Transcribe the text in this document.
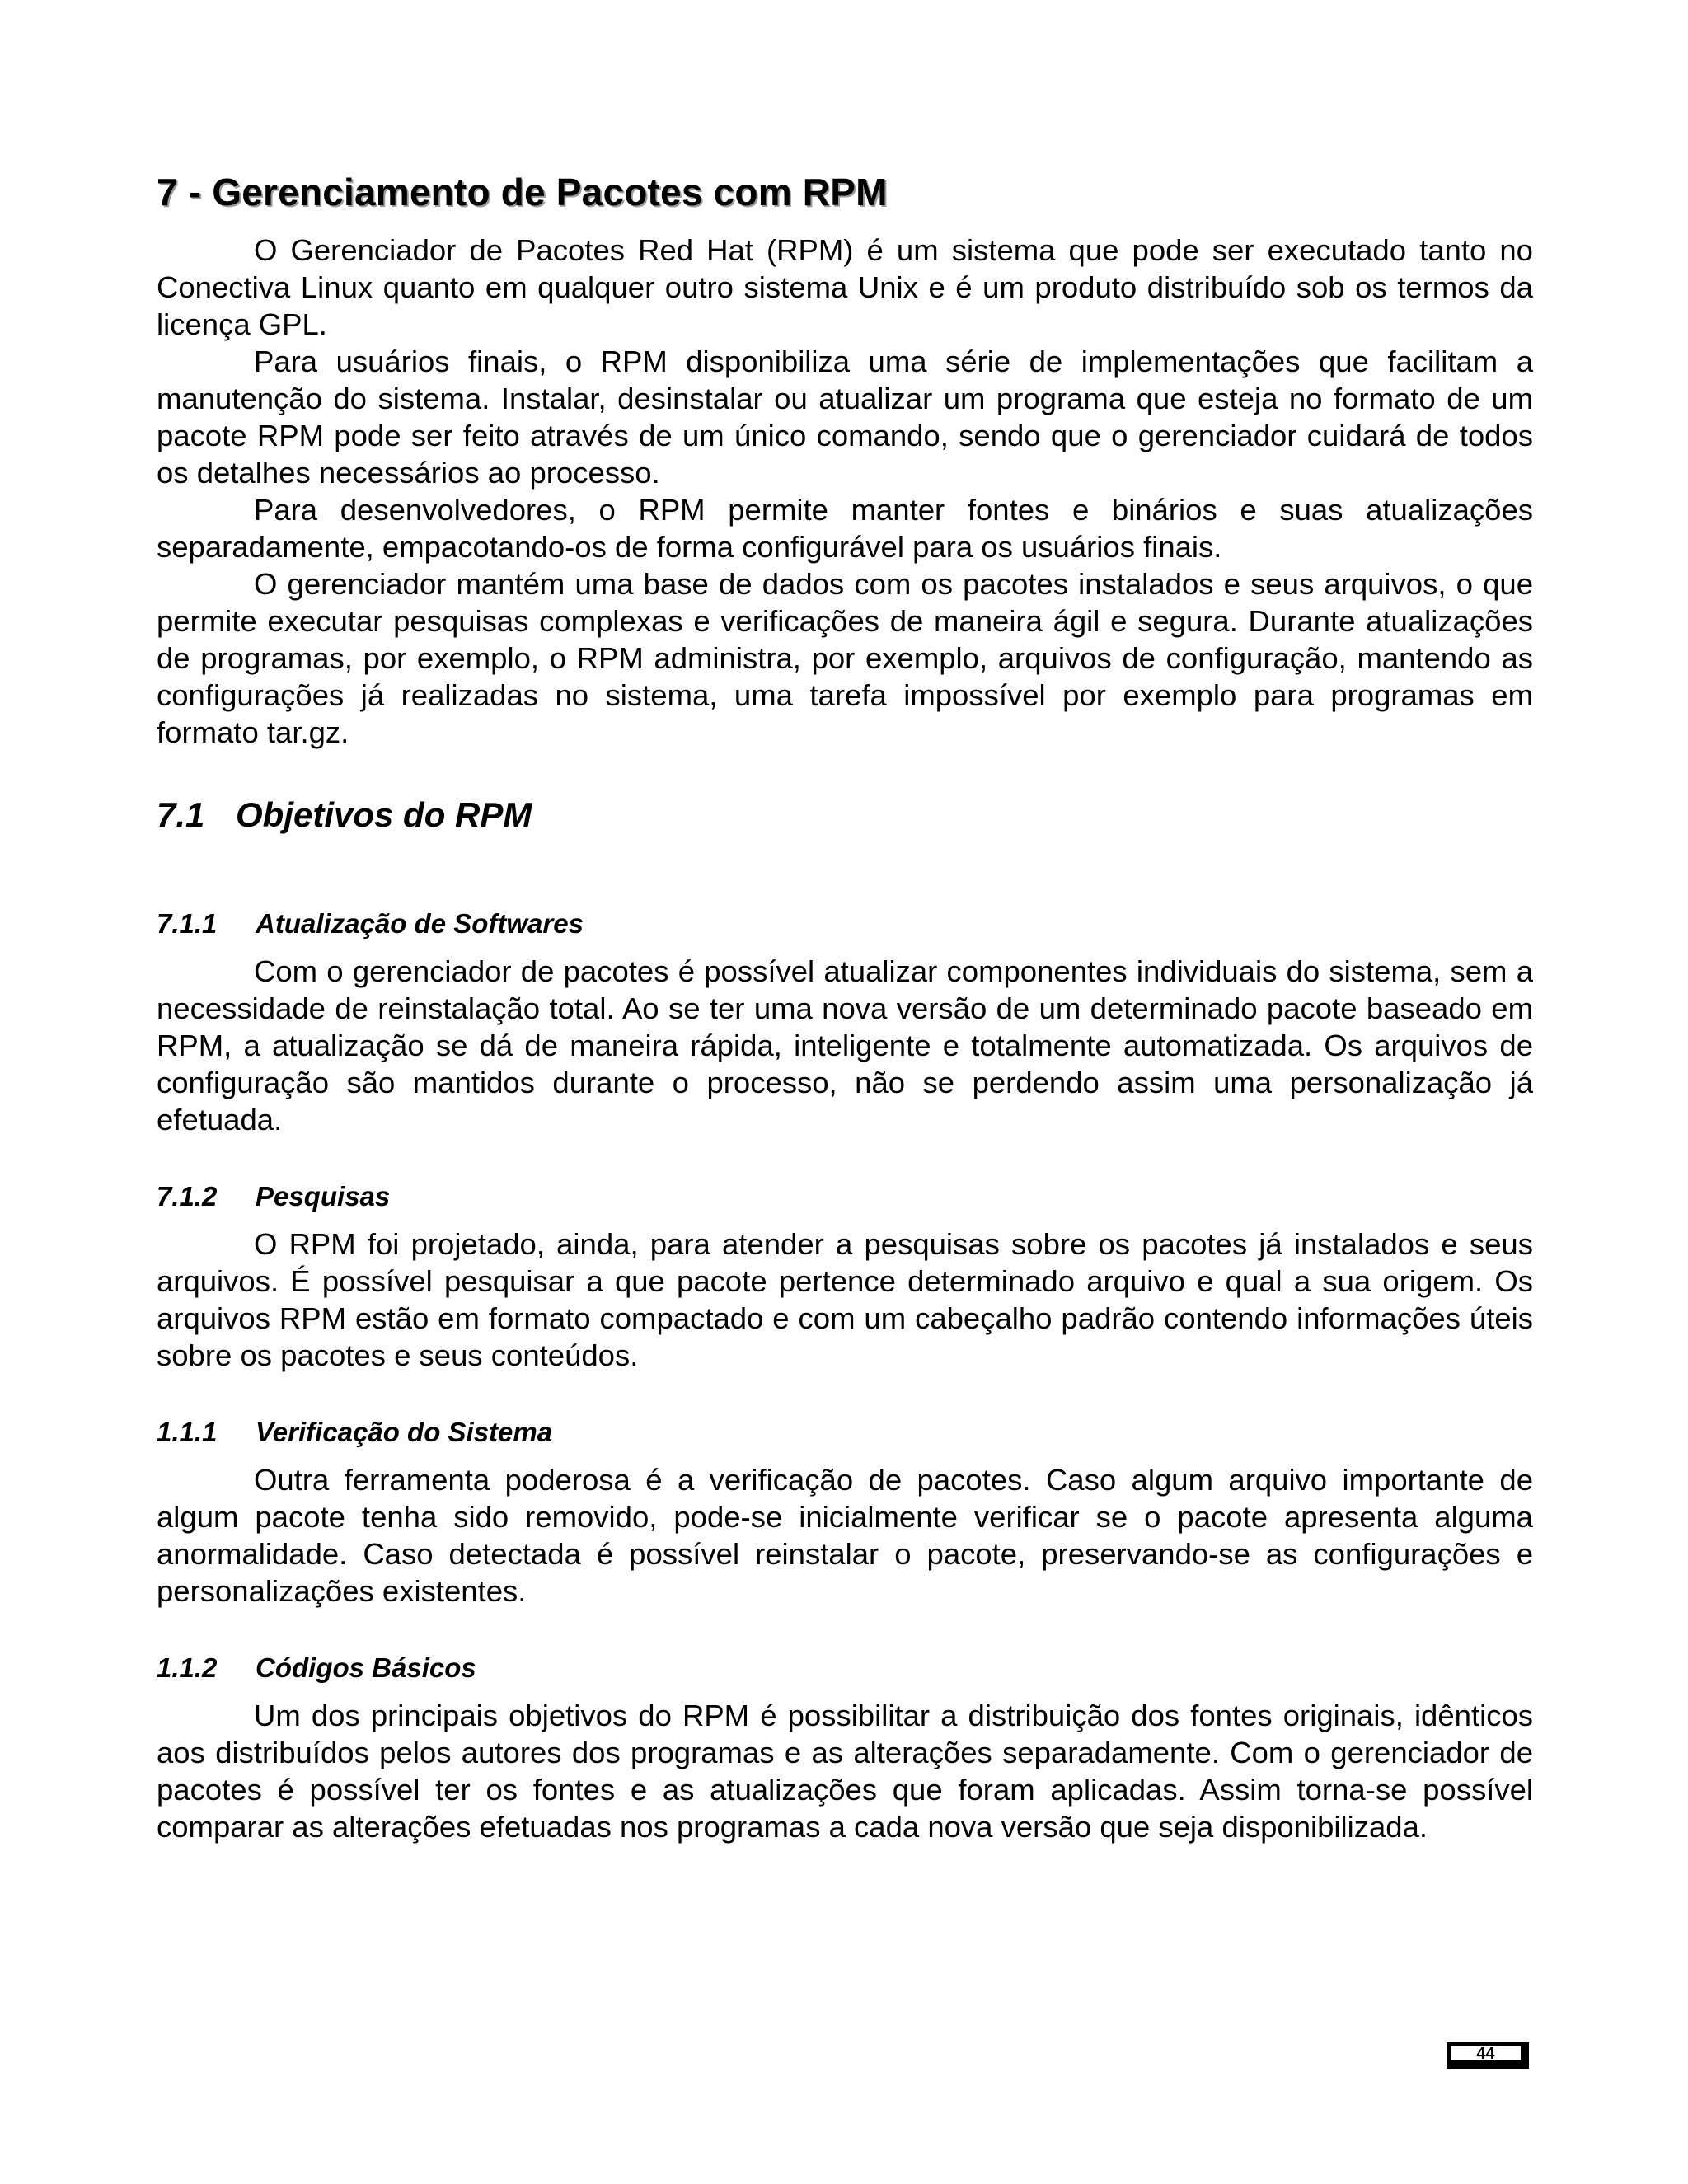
7 - Gerenciamento de Pacotes com RPM

O Gerenciador de Pacotes Red Hat (RPM) é um sistema que pode ser executado tanto no Conectiva Linux quanto em qualquer outro sistema Unix e é um produto distribuído sob os termos da licença GPL.

Para usuários finais, o RPM disponibiliza uma série de implementações que facilitam a manutenção do sistema. Instalar, desinstalar ou atualizar um programa que esteja no formato de um pacote RPM pode ser feito através de um único comando, sendo que o gerenciador cuidará de todos os detalhes necessários ao processo.

Para desenvolvedores, o RPM permite manter fontes e binários e suas atualizações separadamente, empacotando-os de forma configurável para os usuários finais.

O gerenciador mantém uma base de dados com os pacotes instalados e seus arquivos, o que permite executar pesquisas complexas e verificações de maneira ágil e segura. Durante atualizações de programas, por exemplo, o RPM administra, por exemplo, arquivos de configuração, mantendo as configurações já realizadas no sistema, uma tarefa impossível por exemplo para programas em formato tar.gz.

7.1 Objetivos do RPM
7.1.1 Atualização de Softwares

Com o gerenciador de pacotes é possível atualizar componentes individuais do sistema, sem a necessidade de reinstalação total. Ao se ter uma nova versão de um determinado pacote baseado em RPM, a atualização se dá de maneira rápida, inteligente e totalmente automatizada. Os arquivos de configuração são mantidos durante o processo, não se perdendo assim uma personalização já efetuada.

7.1.2 Pesquisas

O RPM foi projetado, ainda, para atender a pesquisas sobre os pacotes já instalados e seus arquivos. É possível pesquisar a que pacote pertence determinado arquivo e qual a sua origem. Os arquivos RPM estão em formato compactado e com um cabeçalho padrão contendo informações úteis sobre os pacotes e seus conteúdos.

1.1.1 Verificação do Sistema

Outra ferramenta poderosa é a verificação de pacotes. Caso algum arquivo importante de algum pacote tenha sido removido, pode-se inicialmente verificar se o pacote apresenta alguma anormalidade. Caso detectada é possível reinstalar o pacote, preservando-se as configurações e personalizações existentes.

1.1.2 Códigos Básicos

Um dos principais objetivos do RPM é possibilitar a distribuição dos fontes originais, idênticos aos distribuídos pelos autores dos programas e as alterações separadamente. Com o gerenciador de pacotes é possível ter os fontes e as atualizações que foram aplicadas. Assim torna-se possível comparar as alterações efetuadas nos programas a cada nova versão que seja disponibilizada.

44
